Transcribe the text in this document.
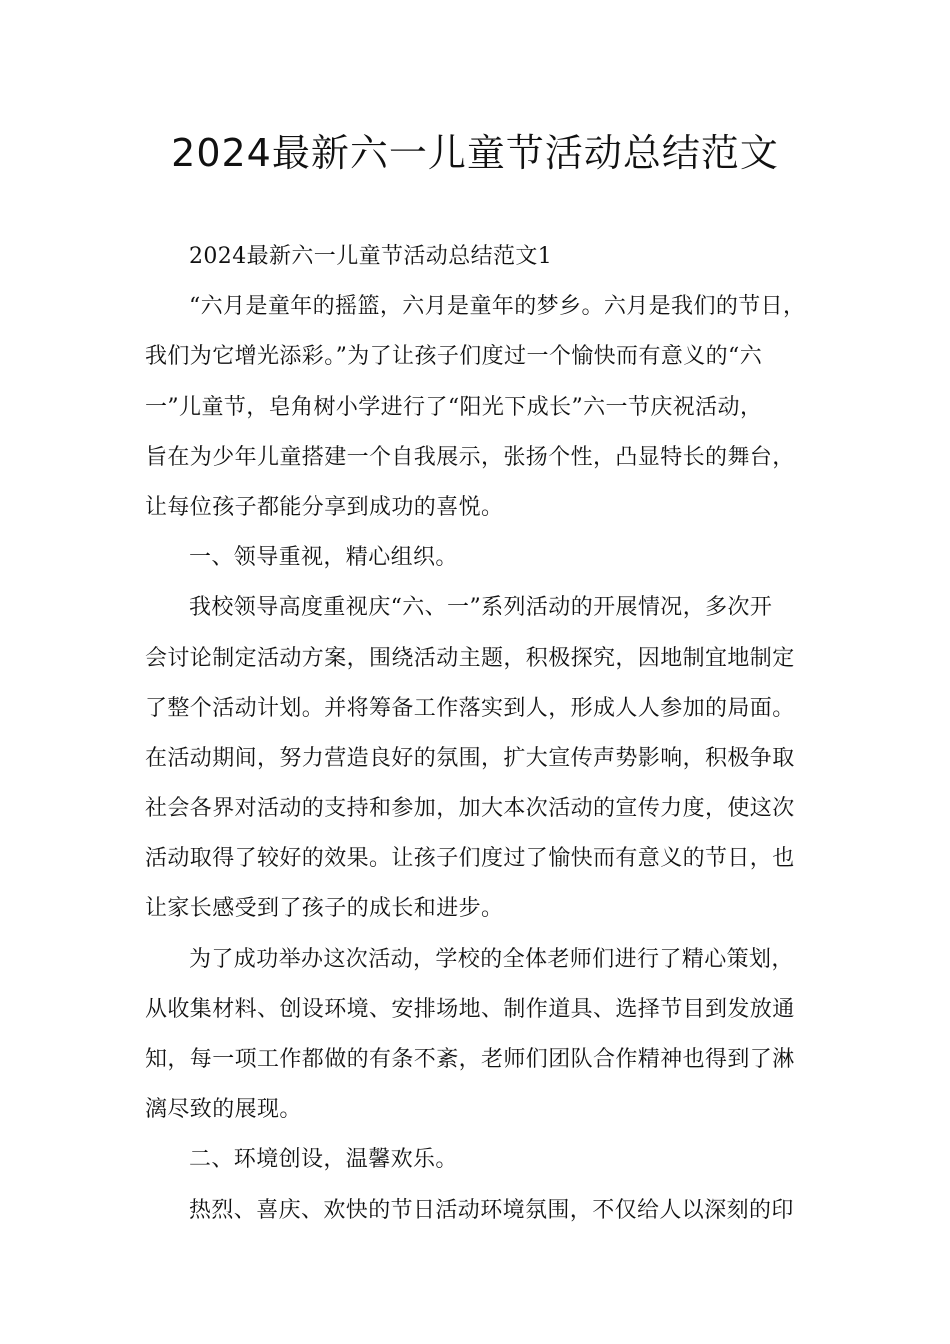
2024最新六一儿童节活动总结范文
2024最新六一儿童节活动总结范文1
“六月是童年的摇篮，六月是童年的梦乡。六月是我们的节日，
我们为它增光添彩。”为了让孩子们度过一个愉快而有意义的“六
一”儿童节，皂角树小学进行了“阳光下成长”六一节庆祝活动，
旨在为少年儿童搭建一个自我展示，张扬个性，凸显特长的舞台，
让每位孩子都能分享到成功的喜悦。
一、领导重视，精心组织。
我校领导高度重视庆“六、一”系列活动的开展情况，多次开
会讨论制定活动方案，围绕活动主题，积极探究，因地制宜地制定
了整个活动计划。并将筹备工作落实到人，形成人人参加的局面。
在活动期间，努力营造良好的氛围，扩大宣传声势影响，积极争取
社会各界对活动的支持和参加，加大本次活动的宣传力度，使这次
活动取得了较好的效果。让孩子们度过了愉快而有意义的节日，也
让家长感受到了孩子的成长和进步。
为了成功举办这次活动，学校的全体老师们进行了精心策划，
从收集材料、创设环境、安排场地、制作道具、选择节目到发放通
知，每一项工作都做的有条不紊，老师们团队合作精神也得到了淋
漓尽致的展现。
二、环境创设，温馨欢乐。
热烈、喜庆、欢快的节日活动环境氛围，不仅给人以深刻的印
